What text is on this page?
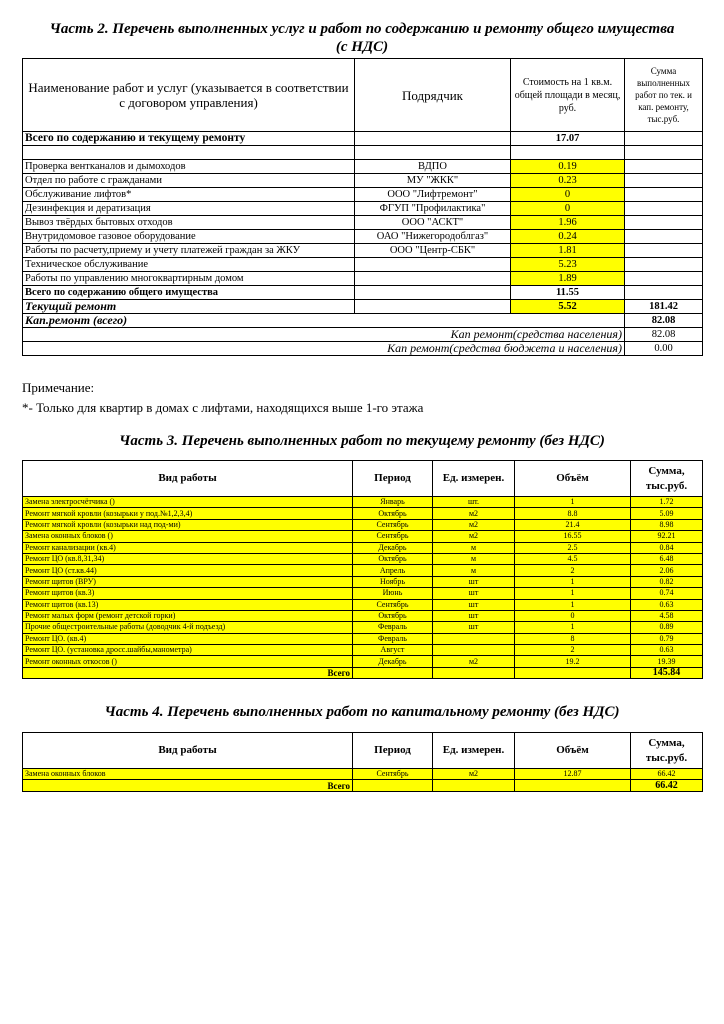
Часть 2. Перечень выполненных услуг и работ по содержанию и ремонту общего имущества
(с НДС)
Наименование работ и услуг (указывается в соответствии с договором управления)	Подрядчик	Стоимость на 1 кв.м. общей площади в месяц, руб.	Сумма выполненных работ по тек. и кап. ремонту, тыс.руб.
Всего по содержанию и текущему ремонту		17.07	

Проверка вентканалов и дымоходов	ВДПО	0.19	
Отдел по работе с гражданами	МУ "ЖКК"	0.23	
Обслуживание лифтов*	ООО "Лифтремонт"	0	
Дезинфекция и дератизация	ФГУП "Профилактика"	0	
Вывоз твёрдых бытовых отходов	ООО "АСКТ"	1.96	
Внутридомовое газовое оборудование	ОАО "Нижегородоблгаз"	0.24	
Работы по расчету,приему и учету платежей граждан за ЖКУ	ООО "Центр-СБК"	1.81	
Техническое обслуживание		5.23	
Работы по управлению многоквартирным домом		1.89	
Всего по содержанию общего имущества		11.55	
Текущий ремонт		5.52	181.42
Кап.ремонт (всего)			82.08
Кап ремонт(средства населения)			82.08
Кап ремонт(средства бюджета и населения)			0.00
Примечание:
*- Только для квартир в домах с лифтами, находящихся выше 1-го этажа
Часть 3. Перечень выполненных работ по текущему ремонту (без НДС)
Вид работы	Период	Ед. измерен.	Объём	Сумма, тыс.руб.
Замена электросчётчика ()	Январь	шт.	1	1.72
Ремонт мягкой кровли (козырьки у под.№1,2,3,4)	Октябрь	м2	8.8	5.09
Ремонт мягкой кровли (козырьки над под-ми)	Сентябрь	м2	21.4	8.98
Замена оконных блоков ()	Сентябрь	м2	16.55	92.21
Ремонт канализации (кв.4)	Декабрь	м	2.5	0.84
Ремонт ЦО (кв.8,31,34)	Октябрь	м	4.5	6.48
Ремонт ЦО (ст.кв.44)	Апрель	м	2	2.06
Ремонт щитов (ВРУ)	Ноябрь	шт	1	0.82
Ремонт щитов (кв.3)	Июнь	шт	1	0.74
Ремонт щитов (кв.13)	Сентябрь	шт	1	0.63
Ремонт малых форм (ремонт детской горки)	Октябрь	шт	0	4.58
Прочие общестроительные работы (доводчик 4-й подъезд)	Февраль	шт	1	0.89
Ремонт ЦО. (кв.4)	Февраль		8	0.79
Ремонт ЦО. (установка дросс.шайбы,манометра)	Август		2	0.63
Ремонт оконных откосов ()	Декабрь	м2	19.2	19.39
Всего				145.84
Часть 4. Перечень выполненных работ по капитальному ремонту (без НДС)
Вид работы	Период	Ед. измерен.	Объём	Сумма, тыс.руб.
Замена оконных блоков	Сентябрь	м2	12.87	66.42
Всего				66.42
